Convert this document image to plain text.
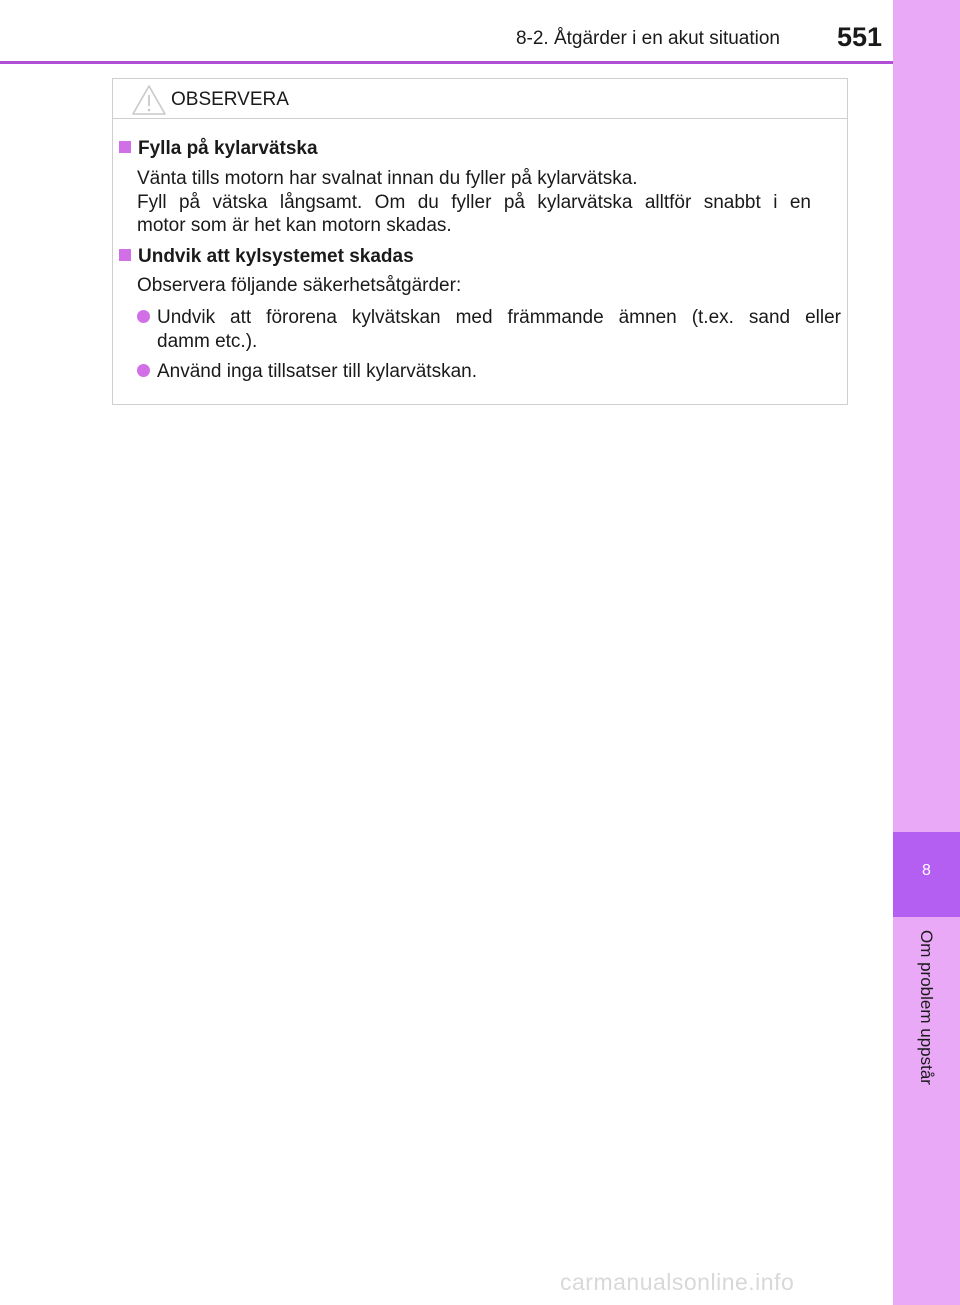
8-2. Åtgärder i en akut situation	551
8
Om problem uppstår
OBSERVERA
Fylla på kylarvätska
Vänta tills motorn har svalnat innan du fyller på kylarvätska.
Fyll på vätska långsamt. Om du fyller på kylarvätska alltför snabbt i en
motor som är het kan motorn skadas.
Undvik att kylsystemet skadas
Observera följande säkerhetsåtgärder:
Undvik att förorena kylvätskan med främmande ämnen (t.ex. sand eller
damm etc.).
Använd inga tillsatser till kylarvätskan.
carmanualsonline.info
